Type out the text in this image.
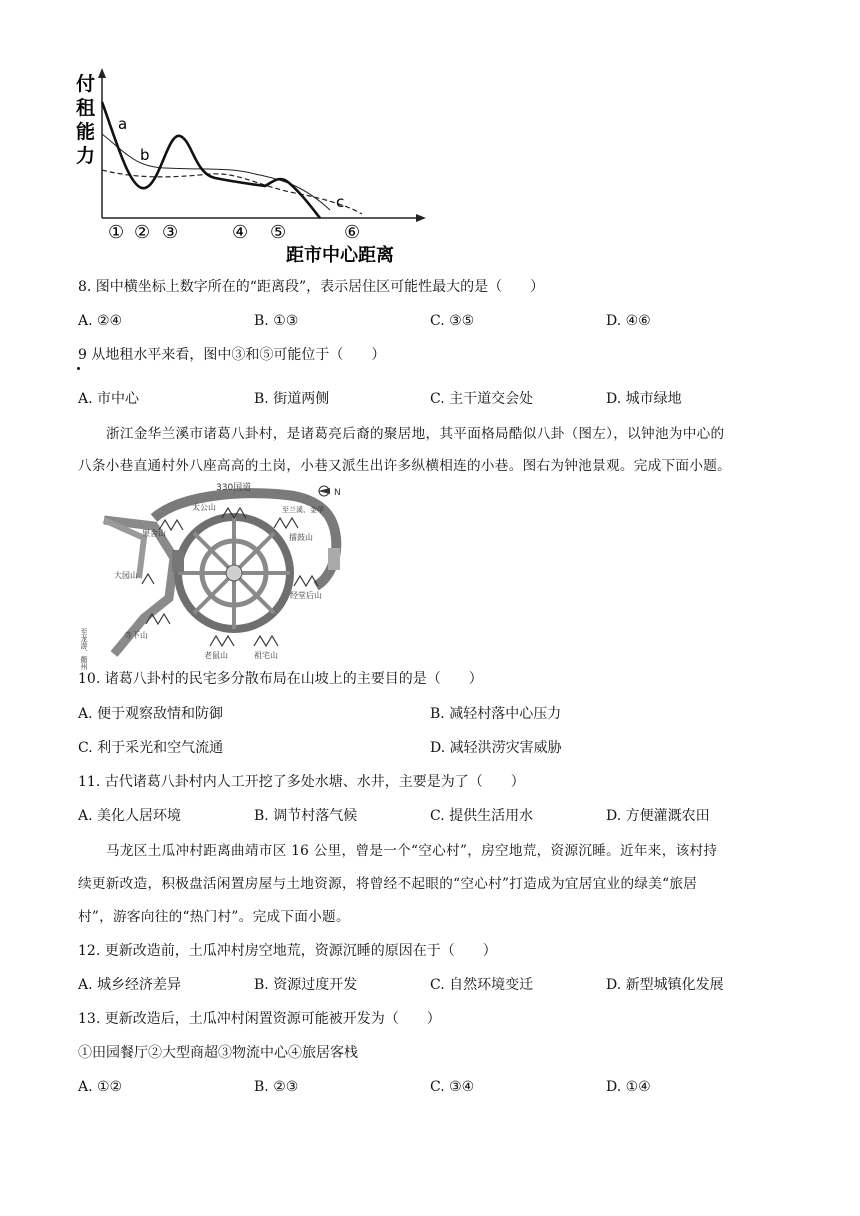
付
租
能
力
a
b
c
① ② ③	④ ⑤	⑥
距市中心距离
8. 图中横坐标上数字所在的“距离段”，表示居住区可能性最大的是（　　）
A. ②④	B. ①③	C. ③⑤	D. ④⑥
9 从地租水平来看，图中③和⑤可能位于（　　）
A. 市中心	B. 街道两侧	C. 主干道交会处	D. 城市绿地
浙江金华兰溪市诸葛八卦村，是诸葛亮后裔的聚居地，其平面格局酷似八卦（图左），以钟池为中心的
八条小巷直通村外八座高高的土岗，小巷又派生出许多纵横相连的小巷。图右为钟池景观。完成下面小题。
330国道	N
太公山
果舍山
至兰溪、金华
擂鼓山
大园山
经堂后山
寺下山
老鼠山	祖宅山
至龙游、衢州
10. 诸葛八卦村的民宅多分散布局在山坡上的主要目的是（　　）
A. 便于观察敌情和防御	B. 减轻村落中心压力
C. 利于采光和空气流通	D. 减轻洪涝灾害威胁
11. 古代诸葛八卦村内人工开挖了多处水塘、水井，主要是为了（　　）
A. 美化人居环境	B. 调节村落气候	C. 提供生活用水	D. 方便灌溉农田
马龙区土瓜冲村距离曲靖市区 16 公里，曾是一个“空心村”，房空地荒，资源沉睡。近年来，该村持
续更新改造，积极盘活闲置房屋与土地资源，将曾经不起眼的“空心村”打造成为宜居宜业的绿美“旅居
村”，游客向往的“热门村”。完成下面小题。
12. 更新改造前，土瓜冲村房空地荒，资源沉睡的原因在于（　　）
A. 城乡经济差异	B. 资源过度开发	C. 自然环境变迁	D. 新型城镇化发展
13. 更新改造后，土瓜冲村闲置资源可能被开发为（　　）
①田园餐厅②大型商超③物流中心④旅居客栈
A. ①②	B. ②③	C. ③④	D. ①④
